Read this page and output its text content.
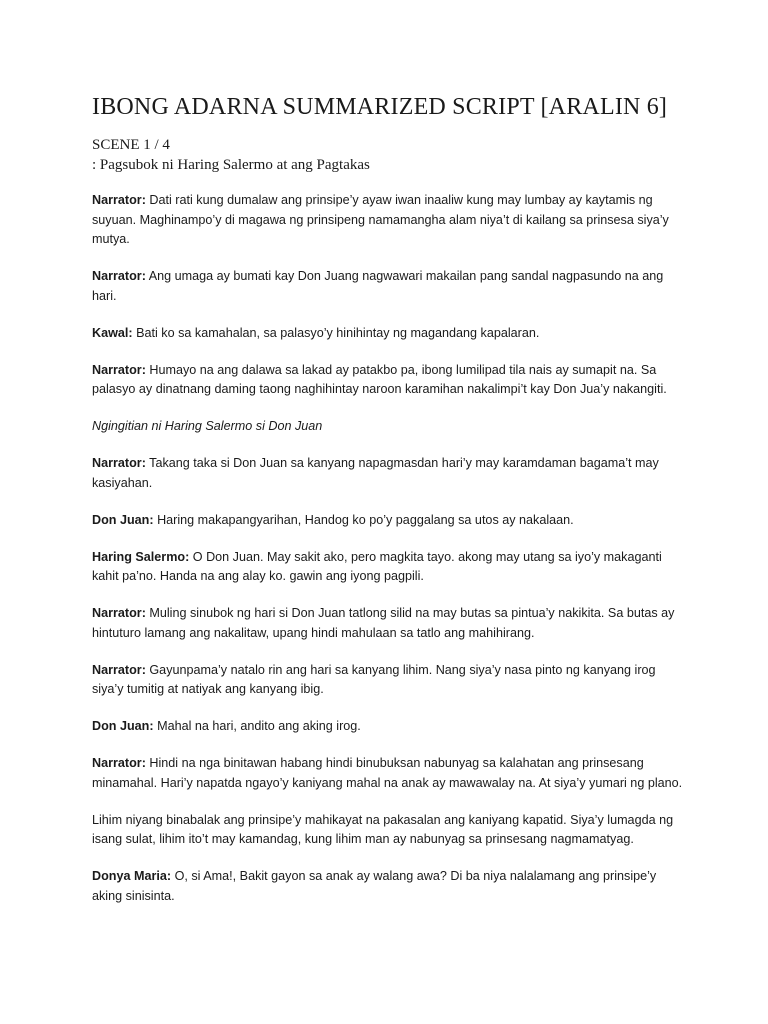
IBONG ADARNA SUMMARIZED SCRIPT [ARALIN 6]
SCENE 1 / 4
: Pagsubok ni Haring Salermo at ang Pagtakas

Narrator: Dati rati kung dumalaw ang prinsipe’y ayaw iwan inaaliw kung may lumbay ay kaytamis ng suyuan. Maghinampo’y di magawa ng prinsipeng namamangha alam niya’t di kailang sa prinsesa siya’y mutya.

Narrator: Ang umaga ay bumati kay Don Juang nagwawari makailan pang sandal nagpasundo na ang hari.

Kawal: Bati ko sa kamahalan, sa palasyo’y hinihintay ng magandang kapalaran.

Narrator: Humayo na ang dalawa sa lakad ay patakbo pa, ibong lumilipad tila nais ay sumapit na. Sa palasyo ay dinatnang daming taong naghihintay naroon karamihan nakalimpi’t kay Don Jua’y nakangiti.

Ngingitian ni Haring Salermo si Don Juan

Narrator: Takang taka si Don Juan sa kanyang napagmasdan hari’y may karamdaman bagama’t may kasiyahan.

Don Juan: Haring makapangyarihan, Handog ko po’y paggalang sa utos ay nakalaan.

Haring Salermo: O Don Juan. May sakit ako, pero magkita tayo. akong may utang sa iyo’y makaganti kahit pa’no. Handa na ang alay ko. gawin ang iyong pagpili.

Narrator: Muling sinubok ng hari si Don Juan tatlong silid na may butas sa pintua’y nakikita. Sa butas ay hintuturo lamang ang nakalitaw, upang hindi mahulaan sa tatlo ang mahihirang.

Narrator: Gayunpama’y natalo rin ang hari sa kanyang lihim. Nang siya’y nasa pinto ng kanyang irog siya’y tumitig at natiyak ang kanyang ibig.

Don Juan: Mahal na hari, andito ang aking irog.

Narrator: Hindi na nga binitawan habang hindi binubuksan nabunyag sa kalahatan ang prinsesang minamahal. Hari’y napatda ngayo’y kaniyang mahal na anak ay mawawalay na. At siya’y yumari ng plano.

Lihim niyang binabalak ang prinsipe’y mahikayat na pakasalan ang kaniyang kapatid. Siya’y lumagda ng isang sulat, lihim ito’t may kamandag, kung lihim man ay nabunyag sa prinsesang nagmamatyag.

Donya Maria: O, si Ama!, Bakit gayon sa anak ay walang awa? Di ba niya nalalamang ang prinsipe’y aking sinisinta.
